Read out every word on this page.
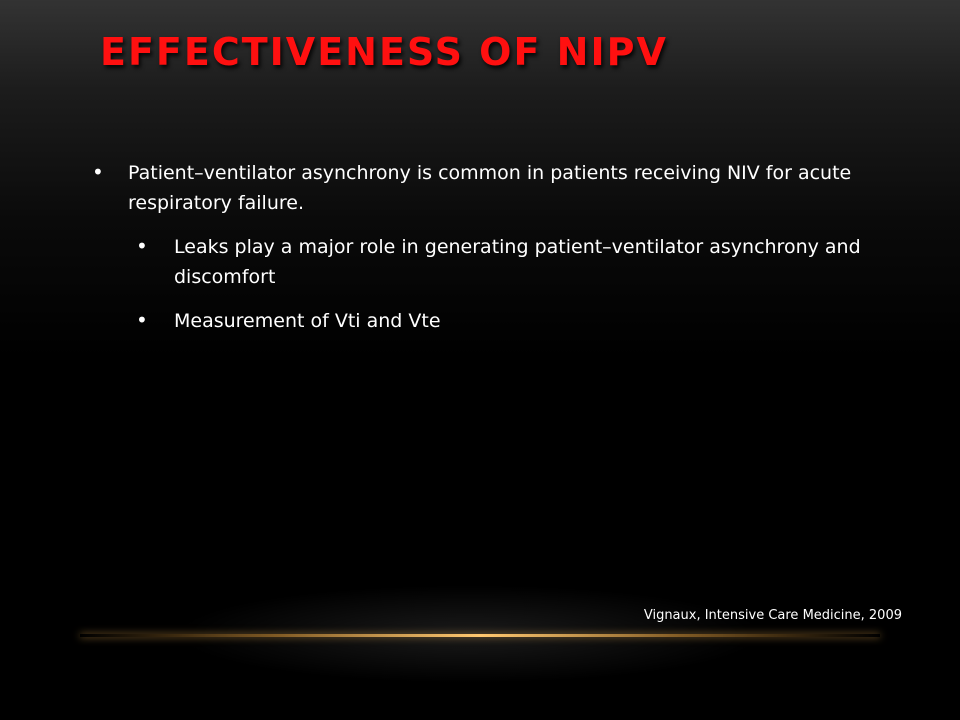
EFFECTIVENESS OF NIPV
• Patient–ventilator asynchrony is common in patients receiving NIV for acute respiratory failure.
• Leaks play a major role in generating patient–ventilator asynchrony and discomfort
• Measurement of Vti and Vte
Vignaux, Intensive Care Medicine, 2009
